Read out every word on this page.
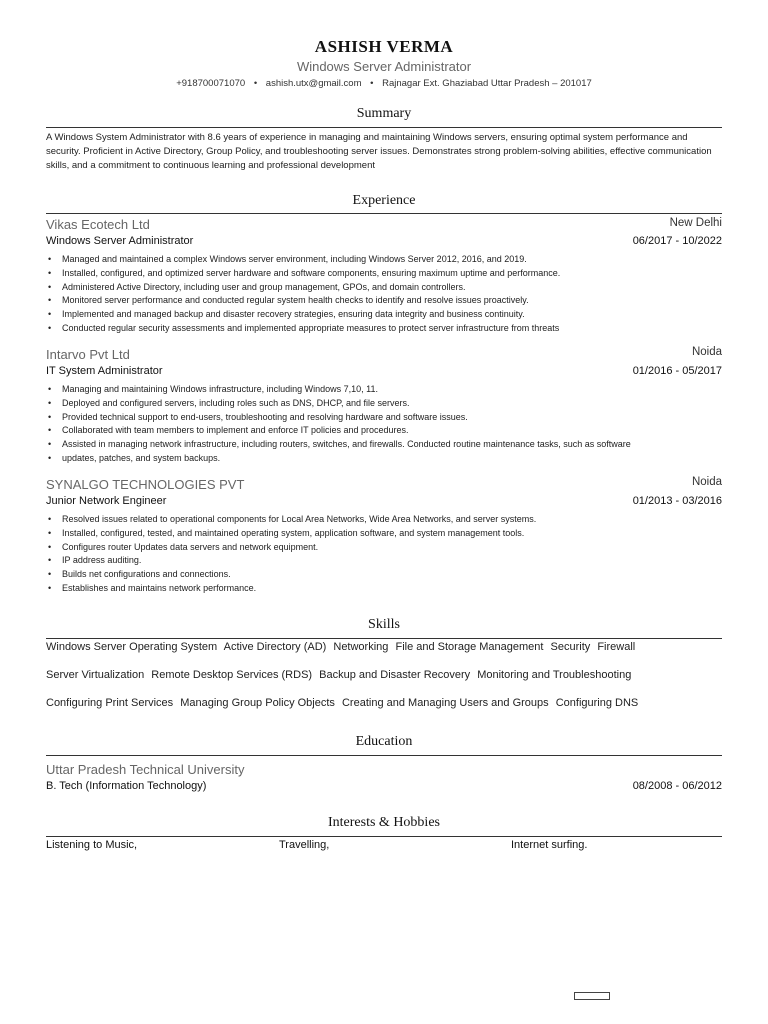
ASHISH VERMA
Windows Server Administrator
+918700071070 • ashish.utx@gmail.com • Rajnagar Ext. Ghaziabad Uttar Pradesh – 201017
Summary
A Windows System Administrator with 8.6 years of experience in managing and maintaining Windows servers, ensuring optimal system performance and security. Proficient in Active Directory, Group Policy, and troubleshooting server issues. Demonstrates strong problem-solving abilities, effective communication skills, and a commitment to continuous learning and professional development
Experience
Vikas Ecotech Ltd	New Delhi
Windows Server Administrator	06/2017 - 10/2022
• Managed and maintained a complex Windows server environment, including Windows Server 2012, 2016, and 2019.
• Installed, configured, and optimized server hardware and software components, ensuring maximum uptime and performance.
• Administered Active Directory, including user and group management, GPOs, and domain controllers.
• Monitored server performance and conducted regular system health checks to identify and resolve issues proactively.
• Implemented and managed backup and disaster recovery strategies, ensuring data integrity and business continuity.
• Conducted regular security assessments and implemented appropriate measures to protect server infrastructure from threats
Intarvo Pvt Ltd	Noida
IT System Administrator	01/2016 - 05/2017
• Managing and maintaining Windows infrastructure, including Windows 7,10, 11.
• Deployed and configured servers, including roles such as DNS, DHCP, and file servers.
• Provided technical support to end-users, troubleshooting and resolving hardware and software issues.
• Collaborated with team members to implement and enforce IT policies and procedures.
• Assisted in managing network infrastructure, including routers, switches, and firewalls. Conducted routine maintenance tasks, such as software
• updates, patches, and system backups.
SYNALGO TECHNOLOGIES PVT	Noida
Junior Network Engineer	01/2013 - 03/2016
• Resolved issues related to operational components for Local Area Networks, Wide Area Networks, and server systems.
• Installed, configured, tested, and maintained operating system, application software, and system management tools.
• Configures router Updates data servers and network equipment.
• IP address auditing.
• Builds net configurations and connections.
• Establishes and maintains network performance.
Skills
Windows Server Operating System Active Directory (AD) Networking File and Storage Management Security Firewall
Server Virtualization Remote Desktop Services (RDS) Backup and Disaster Recovery Monitoring and Troubleshooting
Configuring Print Services Managing Group Policy Objects Creating and Managing Users and Groups Configuring DNS
Education
Uttar Pradesh Technical University
B. Tech (Information Technology)	08/2008 - 06/2012
Interests & Hobbies
Listening to Music,	Travelling,	Internet surfing.
